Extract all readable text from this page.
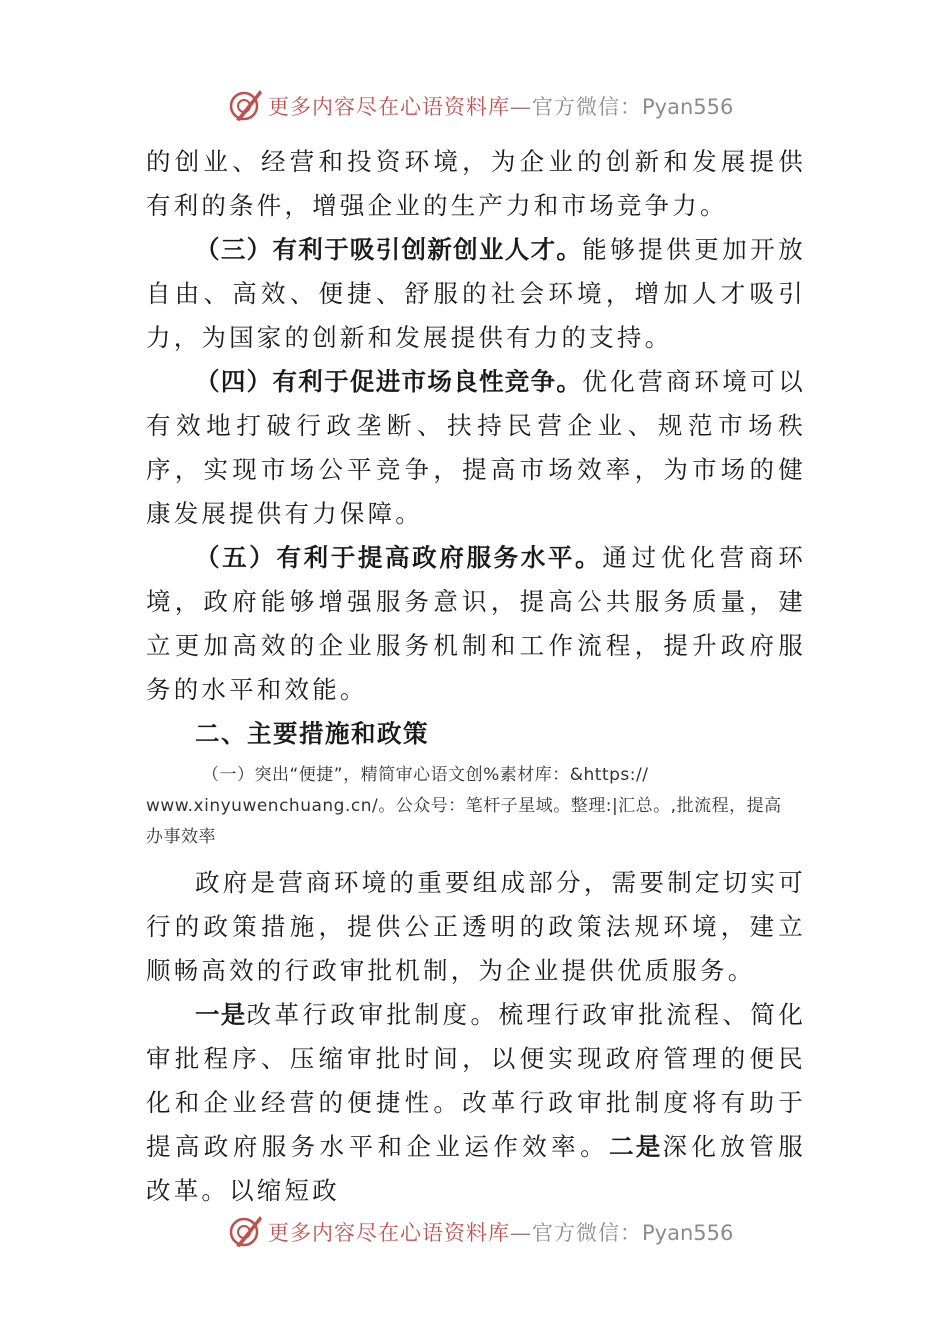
更多内容尽在心语资料库—官方微信：Pyan556

的创业、经营和投资环境，为企业的创新和发展提供有利的条件，增强企业的生产力和市场竞争力。

（三）有利于吸引创新创业人才。能够提供更加开放自由、高效、便捷、舒服的社会环境，增加人才吸引力，为国家的创新和发展提供有力的支持。

（四）有利于促进市场良性竞争。优化营商环境可以有效地打破行政垄断、扶持民营企业、规范市场秩序，实现市场公平竞争，提高市场效率，为市场的健康发展提供有力保障。

（五）有利于提高政府服务水平。通过优化营商环境，政府能够增强服务意识，提高公共服务质量，建立更加高效的企业服务机制和工作流程，提升政府服务的水平和效能。

二、主要措施和政策

（一）突出“便捷”，精简审心语文创%素材库：&https://
www.xinyuwenchuang.cn/。公众号：笔杆子星域。整理:|汇总。,批流程，提高
办事效率

政府是营商环境的重要组成部分，需要制定切实可行的政策措施，提供公正透明的政策法规环境，建立顺畅高效的行政审批机制，为企业提供优质服务。

一是改革行政审批制度。梳理行政审批流程、简化审批程序、压缩审批时间，以便实现政府管理的便民化和企业经营的便捷性。改革行政审批制度将有助于提高政府服务水平和企业运作效率。二是深化放管服改革。以缩短政

更多内容尽在心语资料库—官方微信：Pyan556
